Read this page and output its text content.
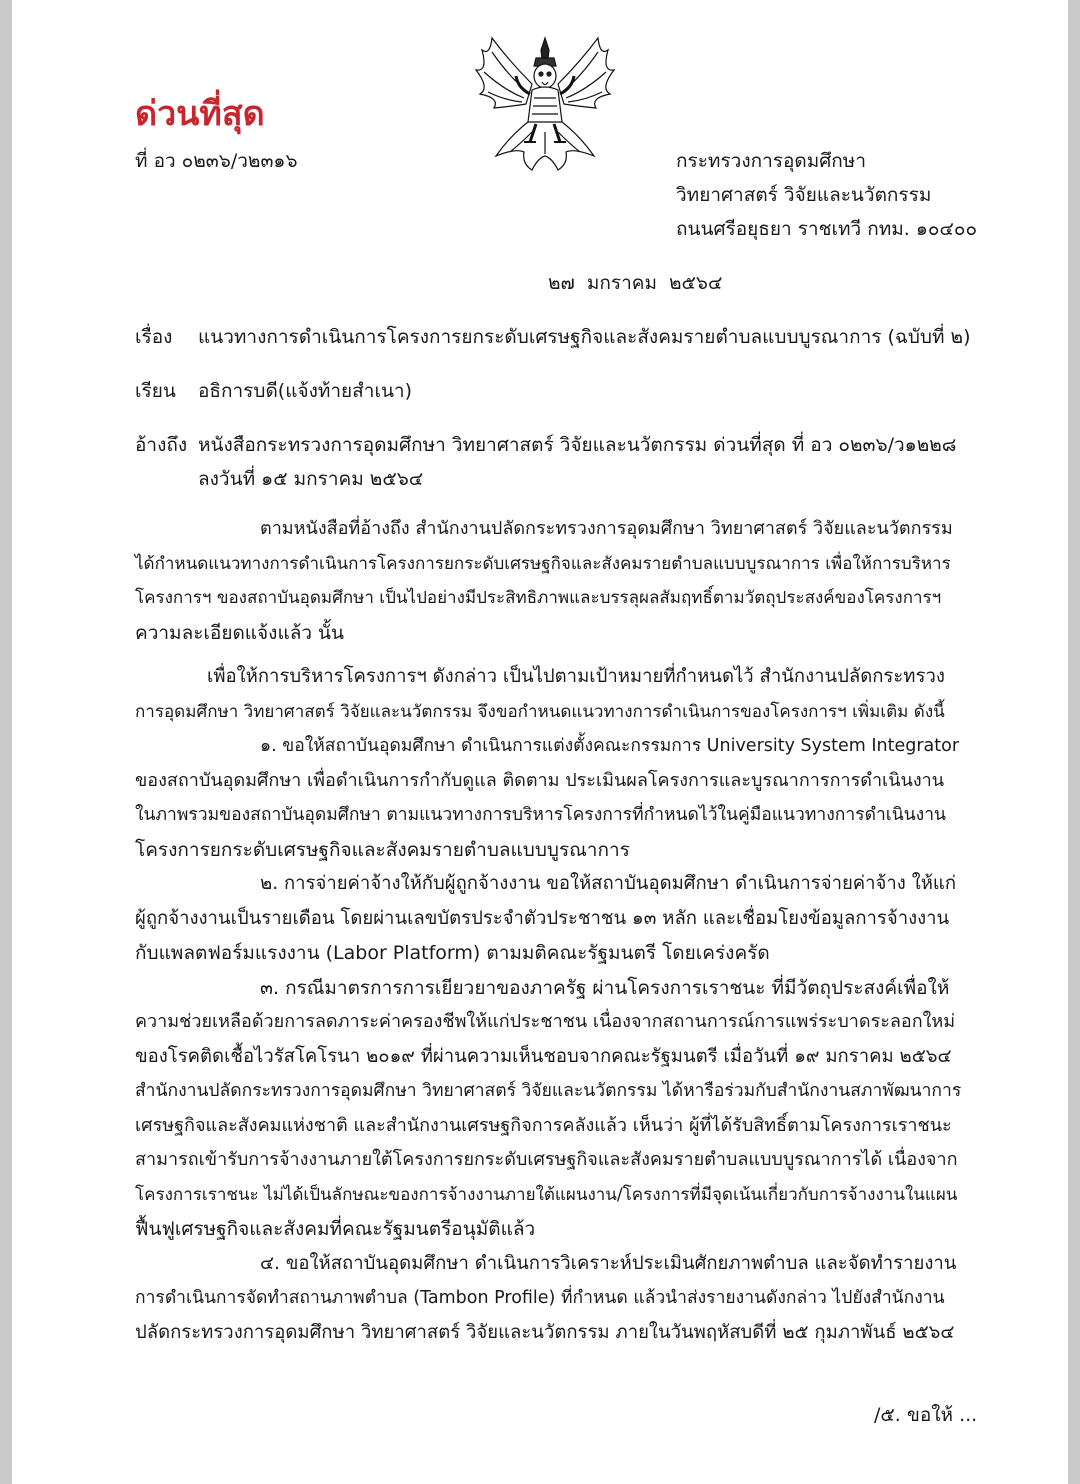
ด่วนที่สุด
ที่ อว ๐๒๓๖/ว๒๓๑๖	กระทรวงการอุดมศึกษา
วิทยาศาสตร์ วิจัยและนวัตกรรม
ถนนศรีอยุธยา ราชเทวี กทม. ๑๐๔๐๐
๒๗ มกราคม ๒๕๖๔
เรื่อง แนวทางการดำเนินการโครงการยกระดับเศรษฐกิจและสังคมรายตำบลแบบบูรณาการ (ฉบับที่ ๒)
เรียน อธิการบดี(แจ้งท้ายสำเนา)
อ้างถึง หนังสือกระทรวงการอุดมศึกษา วิทยาศาสตร์ วิจัยและนวัตกรรม ด่วนที่สุด ที่ อว ๐๒๓๖/ว๑๒๒๘
ลงวันที่ ๑๕ มกราคม ๒๕๖๔
ตามหนังสือที่อ้างถึง สำนักงานปลัดกระทรวงการอุดมศึกษา วิทยาศาสตร์ วิจัยและนวัตกรรม
ได้กำหนดแนวทางการดำเนินการโครงการยกระดับเศรษฐกิจและสังคมรายตำบลแบบบูรณาการ เพื่อให้การบริหาร
โครงการฯ ของสถาบันอุดมศึกษา เป็นไปอย่างมีประสิทธิภาพและบรรลุผลสัมฤทธิ์ตามวัตถุประสงค์ของโครงการฯ
ความละเอียดแจ้งแล้ว นั้น
เพื่อให้การบริหารโครงการฯ ดังกล่าว เป็นไปตามเป้าหมายที่กำหนดไว้ สำนักงานปลัดกระทรวง
การอุดมศึกษา วิทยาศาสตร์ วิจัยและนวัตกรรม จึงขอกำหนดแนวทางการดำเนินการของโครงการฯ เพิ่มเติม ดังนี้
๑. ขอให้สถาบันอุดมศึกษา ดำเนินการแต่งตั้งคณะกรรมการ University System Integrator
ของสถาบันอุดมศึกษา เพื่อดำเนินการกำกับดูแล ติดตาม ประเมินผลโครงการและบูรณาการการดำเนินงาน
ในภาพรวมของสถาบันอุดมศึกษา ตามแนวทางการบริหารโครงการที่กำหนดไว้ในคู่มือแนวทางการดำเนินงาน
โครงการยกระดับเศรษฐกิจและสังคมรายตำบลแบบบูรณาการ
๒. การจ่ายค่าจ้างให้กับผู้ถูกจ้างงาน ขอให้สถาบันอุดมศึกษา ดำเนินการจ่ายค่าจ้าง ให้แก่
ผู้ถูกจ้างงานเป็นรายเดือน โดยผ่านเลขบัตรประจำตัวประชาชน ๑๓ หลัก และเชื่อมโยงข้อมูลการจ้างงาน
กับแพลตฟอร์มแรงงาน (Labor Platform) ตามมติคณะรัฐมนตรี โดยเคร่งครัด
๓. กรณีมาตรการการเยียวยาของภาครัฐ ผ่านโครงการเราชนะ ที่มีวัตถุประสงค์เพื่อให้
ความช่วยเหลือด้วยการลดภาระค่าครองชีพให้แก่ประชาชน เนื่องจากสถานการณ์การแพร่ระบาดระลอกใหม่
ของโรคติดเชื้อไวรัสโคโรนา ๒๐๑๙ ที่ผ่านความเห็นชอบจากคณะรัฐมนตรี เมื่อวันที่ ๑๙ มกราคม ๒๕๖๔
สำนักงานปลัดกระทรวงการอุดมศึกษา วิทยาศาสตร์ วิจัยและนวัตกรรม ได้หารือร่วมกับสำนักงานสภาพัฒนาการ
เศรษฐกิจและสังคมแห่งชาติ และสำนักงานเศรษฐกิจการคลังแล้ว เห็นว่า ผู้ที่ได้รับสิทธิ์ตามโครงการเราชนะ
สามารถเข้ารับการจ้างงานภายใต้โครงการยกระดับเศรษฐกิจและสังคมรายตำบลแบบบูรณาการได้ เนื่องจาก
โครงการเราชนะ ไม่ได้เป็นลักษณะของการจ้างงานภายใต้แผนงาน/โครงการที่มีจุดเน้นเกี่ยวกับการจ้างงานในแผน
ฟื้นฟูเศรษฐกิจและสังคมที่คณะรัฐมนตรีอนุมัติแล้ว
๔. ขอให้สถาบันอุดมศึกษา ดำเนินการวิเคราะห์ประเมินศักยภาพตำบล และจัดทำรายงาน
การดำเนินการจัดทำสถานภาพตำบล (Tambon Profile) ที่กำหนด แล้วนำส่งรายงานดังกล่าว ไปยังสำนักงาน
ปลัดกระทรวงการอุดมศึกษา วิทยาศาสตร์ วิจัยและนวัตกรรม ภายในวันพฤหัสบดีที่ ๒๕ กุมภาพันธ์ ๒๕๖๔
/๕. ขอให้ ...
